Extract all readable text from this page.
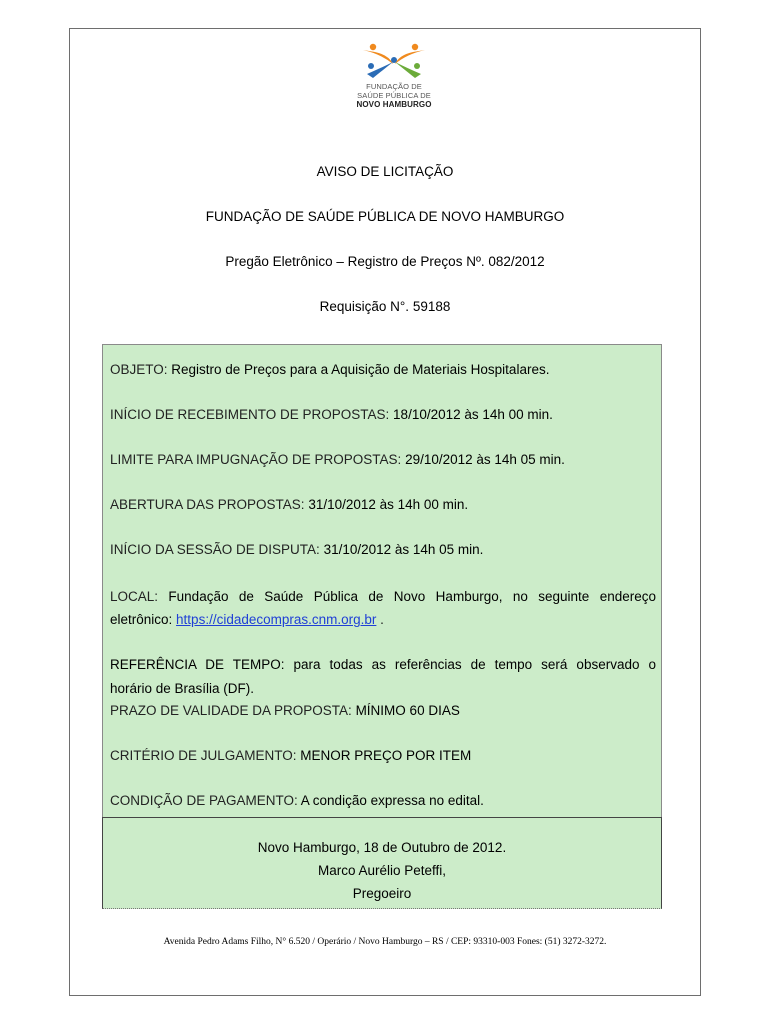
FUNDAÇÃO DE
SAÚDE PÚBLICA DE
NOVO HAMBURGO
AVISO DE LICITAÇÃO
FUNDAÇÃO DE SAÚDE PÚBLICA DE NOVO HAMBURGO
Pregão Eletrônico – Registro de Preços Nº. 082/2012
Requisição N°. 59188
OBJETO: Registro de Preços para a Aquisição de Materiais Hospitalares.
INÍCIO DE RECEBIMENTO DE PROPOSTAS: 18/10/2012 às 14h 00 min.
LIMITE PARA IMPUGNAÇÃO DE PROPOSTAS: 29/10/2012 às 14h 05 min.
ABERTURA DAS PROPOSTAS: 31/10/2012 às 14h 00 min.
INÍCIO DA SESSÃO DE DISPUTA: 31/10/2012 às 14h 05 min.
LOCAL: Fundação de Saúde Pública de Novo Hamburgo, no seguinte endereço
eletrônico: https://cidadecompras.cnm.org.br .
REFERÊNCIA DE TEMPO: para todas as referências de tempo será observado o
horário de Brasília (DF).
PRAZO DE VALIDADE DA PROPOSTA: MÍNIMO 60 DIAS
CRITÉRIO DE JULGAMENTO: MENOR PREÇO POR ITEM
CONDIÇÃO DE PAGAMENTO: A condição expressa no edital.
Novo Hamburgo, 18 de Outubro de 2012.
Marco Aurélio Peteffi,
Pregoeiro
Avenida Pedro Adams Filho, N° 6.520 / Operário / Novo Hamburgo – RS / CEP: 93310-003 Fones: (51) 3272-3272.
